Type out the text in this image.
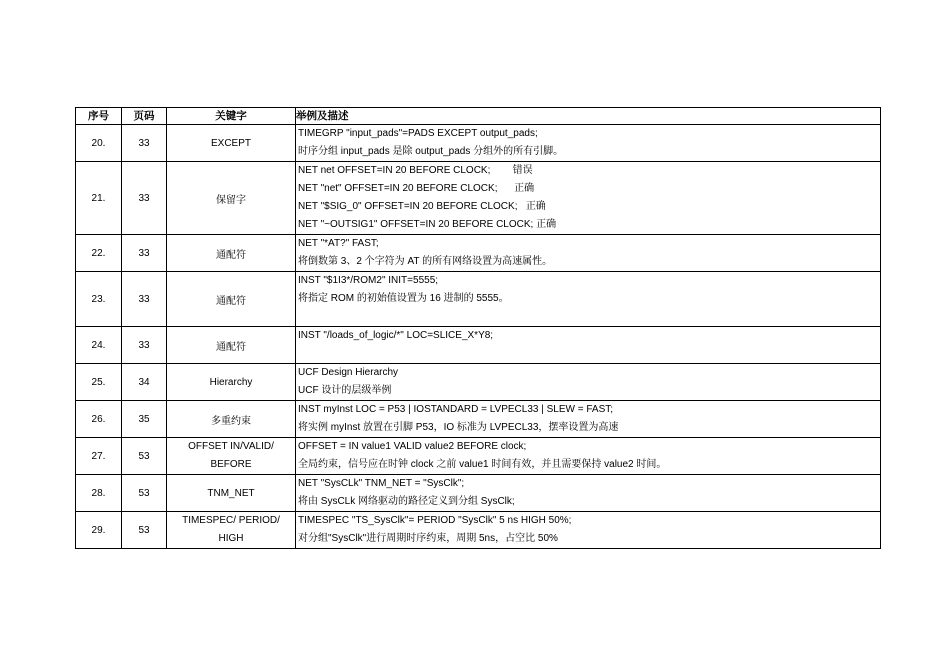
序号	页码	关键字	举例及描述
20.	33	EXCEPT	TIMEGRP "input_pads"=PADS EXCEPT output_pads;
时序分组 input_pads 是除 output_pads 分组外的所有引脚。

21.	33	保留字	NET net OFFSET=IN 20 BEFORE CLOCK;        错误
NET "net" OFFSET=IN 20 BEFORE CLOCK;      正确
NET "$SIG_0" OFFSET=IN 20 BEFORE CLOCK;   正确
NET "~OUTSIG1" OFFSET=IN 20 BEFORE CLOCK; 正确

22.	33	通配符	NET "*AT?" FAST;
将倒数第 3、2 个字符为 AT 的所有网络设置为高速属性。

23.	33	通配符	INST "$1I3*/ROM2" INIT=5555;
将指定 ROM 的初始值设置为 16 进制的 5555。

24.	33	通配符	INST "/loads_of_logic/*" LOC=SLICE_X*Y8;

25.	34	Hierarchy	UCF Design Hierarchy
UCF 设计的层级举例

26.	35	多重约束	INST myInst LOC = P53 | IOSTANDARD = LVPECL33 | SLEW = FAST;
将实例 myInst 放置在引脚 P53，IO 标准为 LVPECL33，摆率设置为高速

27.	53	OFFSET IN/VALID/
BEFORE	OFFSET = IN value1 VALID value2 BEFORE clock;
全局约束，信号应在时钟 clock 之前 value1 时间有效，并且需要保持 value2 时间。

28.	53	TNM_NET	NET "SysCLk" TNM_NET = "SysClk";
将由 SysCLk 网络驱动的路径定义到分组 SysClk;

29.	53	TIMESPEC/ PERIOD/
HIGH	TIMESPEC "TS_SysClk"= PERIOD "SysClk" 5 ns HIGH 50%;
对分组"SysClk"进行周期时序约束，周期 5ns，占空比 50%
